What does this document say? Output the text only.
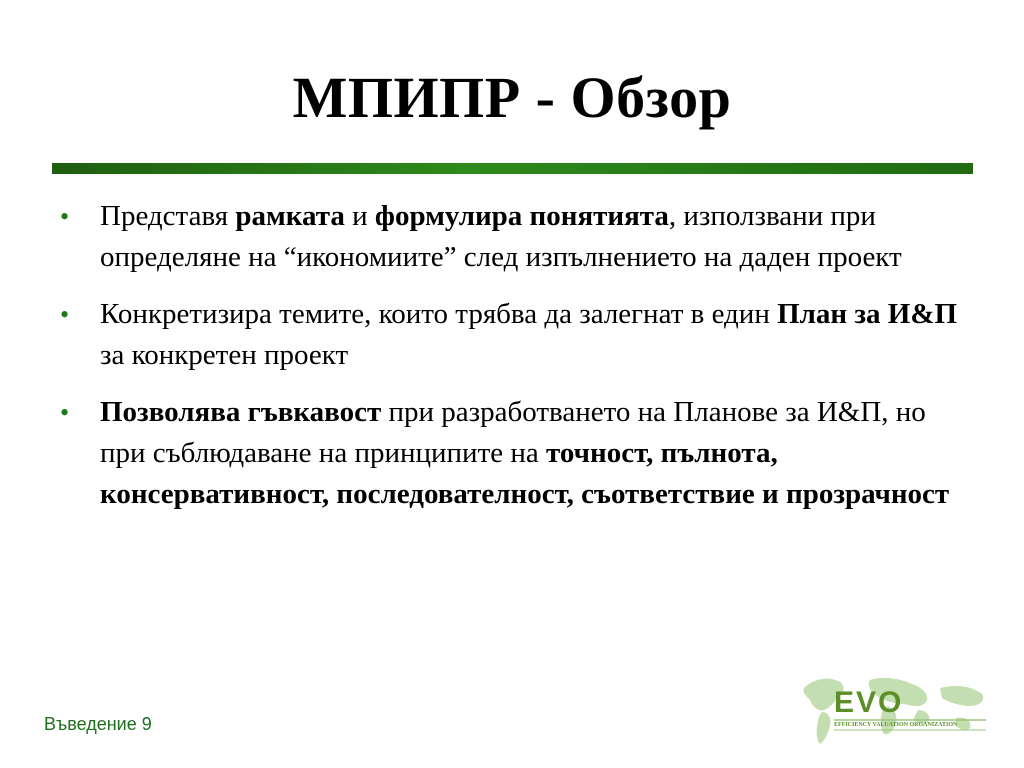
МПИПР - Обзор
• Представя рамката и формулира понятията, използвани при определяне на “икономиите” след изпълнението на даден проект
• Конкретизира темите, които трябва да залегнат в един План за И&П за конкретен проект
• Позволява гъвкавост при разработването на Планове за И&П, но при съблюдаване на принципите на точност, пълнота, консервативност, последователност, съответствие и прозрачност
Въведение 9
EVO
EFFICIENCY VALUATION ORGANIZATION
